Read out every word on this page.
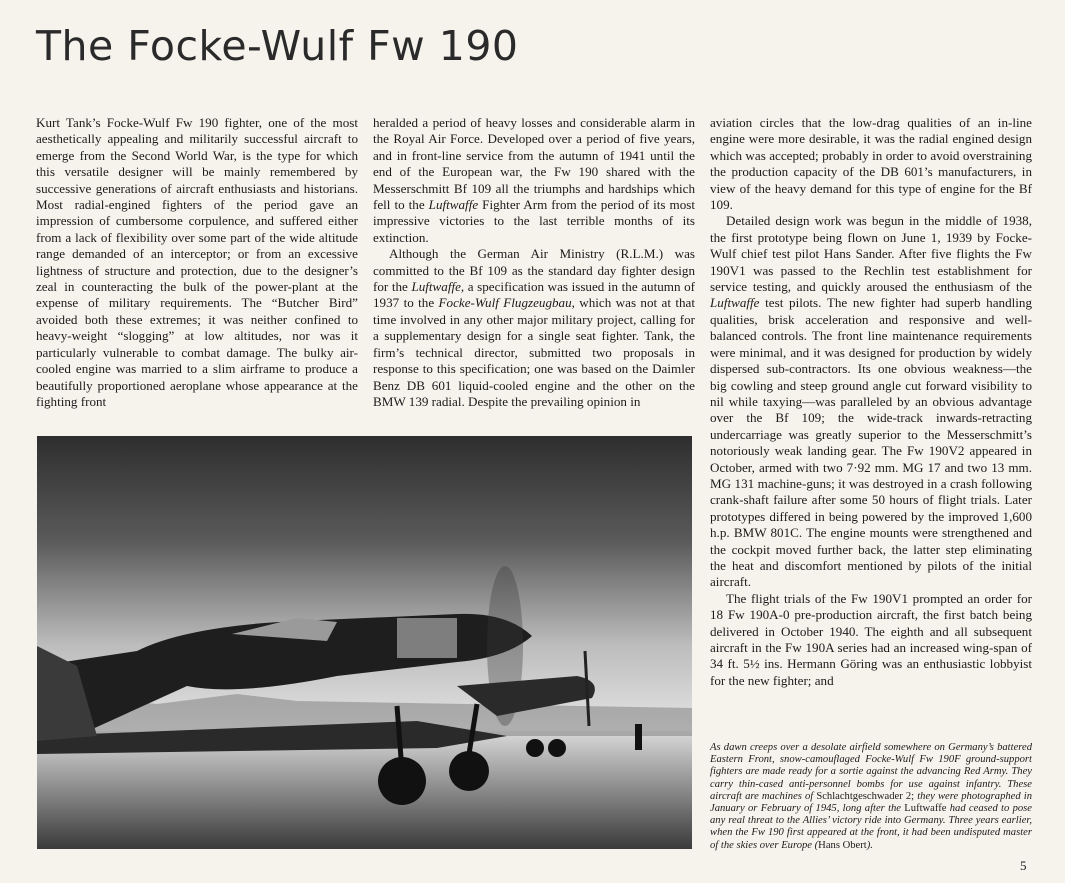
The Focke-Wulf Fw 190

Kurt Tank’s Focke-Wulf Fw 190 fighter, one of the most aesthetically appealing and militarily successful aircraft to emerge from the Second World War, is the type for which this versatile designer will be mainly remembered by successive generations of aircraft enthusiasts and historians. Most radial-engined fighters of the period gave an impression of cumbersome corpulence, and suffered either from a lack of flexibility over some part of the wide altitude range demanded of an interceptor; or from an excessive lightness of structure and protection, due to the designer’s zeal in counteracting the bulk of the power-plant at the expense of military requirements. The “Butcher Bird” avoided both these extremes; it was neither confined to heavy-weight “slogging” at low altitudes, nor was it particularly vulnerable to combat damage. The bulky air-cooled engine was married to a slim airframe to produce a beautifully proportioned aeroplane whose appearance at the fighting front

heralded a period of heavy losses and considerable alarm in the Royal Air Force. Developed over a period of five years, and in front-line service from the autumn of 1941 until the end of the European war, the Fw 190 shared with the Messerschmitt Bf 109 all the triumphs and hardships which fell to the Luftwaffe Fighter Arm from the period of its most impressive victories to the last terrible months of its extinction.

Although the German Air Ministry (R.L.M.) was committed to the Bf 109 as the standard day fighter design for the Luftwaffe, a specification was issued in the autumn of 1937 to the Focke-Wulf Flugzeugbau, which was not at that time involved in any other major military project, calling for a supplementary design for a single seat fighter. Tank, the firm’s technical director, submitted two proposals in response to this specification; one was based on the Daimler Benz DB 601 liquid-cooled engine and the other on the BMW 139 radial. Despite the prevailing opinion in

aviation circles that the low-drag qualities of an in-line engine were more desirable, it was the radial engined design which was accepted; probably in order to avoid overstraining the production capacity of the DB 601’s manufacturers, in view of the heavy demand for this type of engine for the Bf 109.

Detailed design work was begun in the middle of 1938, the first prototype being flown on June 1, 1939 by Focke-Wulf chief test pilot Hans Sander. After five flights the Fw 190V1 was passed to the Rechlin test establishment for service testing, and quickly aroused the enthusiasm of the Luftwaffe test pilots. The new fighter had superb handling qualities, brisk acceleration and responsive and well-balanced controls. The front line maintenance requirements were minimal, and it was designed for production by widely dispersed sub-contractors. Its one obvious weakness—the big cowling and steep ground angle cut forward visibility to nil while taxying—was paralleled by an obvious advantage over the Bf 109; the wide-track inwards-retracting undercarriage was greatly superior to the Messerschmitt’s notoriously weak landing gear. The Fw 190V2 appeared in October, armed with two 7·92 mm. MG 17 and two 13 mm. MG 131 machine-guns; it was destroyed in a crash following crank-shaft failure after some 50 hours of flight trials. Later prototypes differed in being powered by the improved 1,600 h.p. BMW 801C. The engine mounts were strengthened and the cockpit moved further back, the latter step eliminating the heat and discomfort mentioned by pilots of the initial aircraft.

The flight trials of the Fw 190V1 prompted an order for 18 Fw 190A-0 pre-production aircraft, the first batch being delivered in October 1940. The eighth and all subsequent aircraft in the Fw 190A series had an increased wing-span of 34 ft. 5½ ins. Hermann Göring was an enthusiastic lobbyist for the new fighter; and

As dawn creeps over a desolate airfield somewhere on Germany’s battered Eastern Front, snow-camouflaged Focke-Wulf Fw 190F ground-support fighters are made ready for a sortie against the advancing Red Army. They carry thin-cased anti-personnel bombs for use against infantry. These aircraft are machines of Schlachtgeschwader 2; they were photographed in January or February of 1945, long after the Luftwaffe had ceased to pose any real threat to the Allies’ victory ride into Germany. Three years earlier, when the Fw 190 first appeared at the front, it had been undisputed master of the skies over Europe (Hans Obert).
5
